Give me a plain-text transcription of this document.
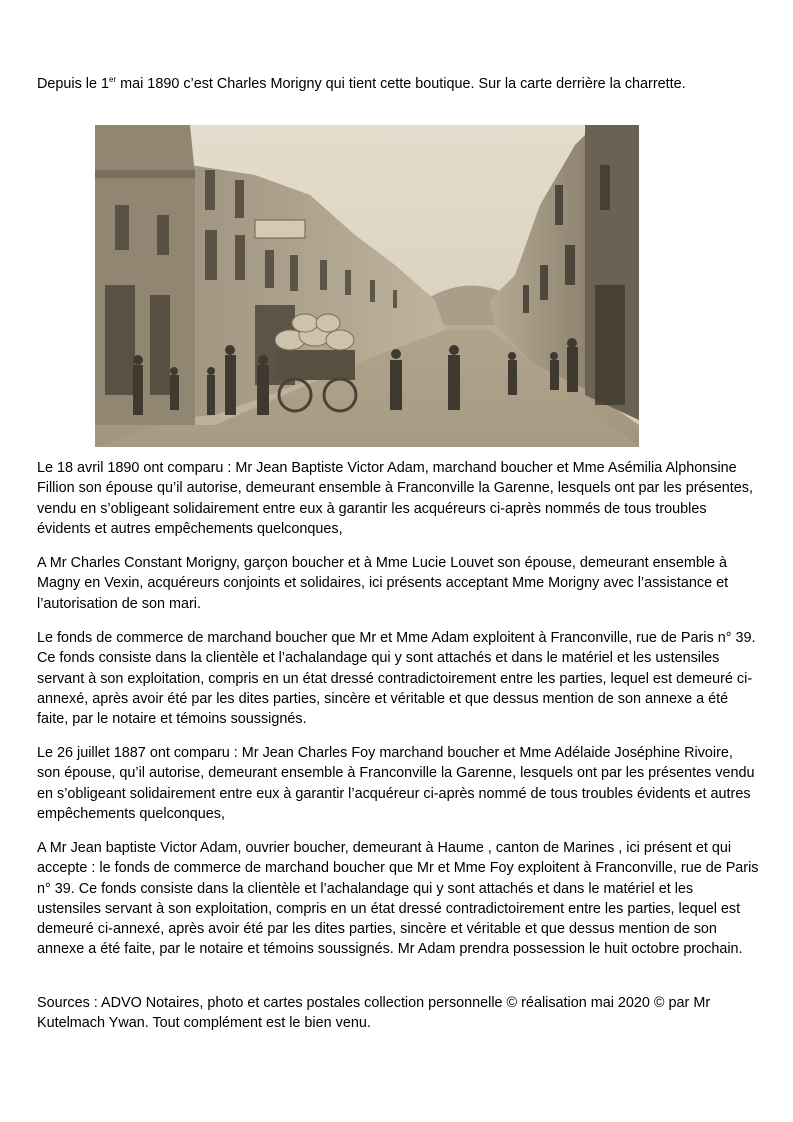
Depuis le 1er mai 1890 c’est Charles Morigny qui tient cette boutique. Sur la carte derrière la charrette.

Le 18 avril 1890 ont comparu : Mr Jean Baptiste Victor Adam, marchand boucher et Mme Asémilia Alphonsine Fillion son épouse qu’il autorise, demeurant ensemble à Franconville la Garenne, lesquels ont par les présentes, vendu en s’obligeant solidairement entre eux à garantir les acquéreurs ci-après nommés de tous troubles évidents et autres empêchements quelconques,

A Mr Charles Constant Morigny, garçon boucher et à Mme Lucie Louvet son épouse, demeurant ensemble à Magny en Vexin, acquéreurs conjoints et solidaires, ici présents acceptant Mme Morigny avec l’assistance et l’autorisation de son mari.

Le fonds de commerce de marchand boucher que Mr et Mme Adam exploitent à Franconville, rue de Paris n° 39. Ce fonds consiste dans la clientèle et l’achalandage qui y sont attachés et dans le matériel et les ustensiles servant à son exploitation, compris en un état dressé contradictoirement entre les parties, lequel est demeuré ci-annexé, après avoir été par les dites parties, sincère et véritable et que dessus mention de son annexe a été faite, par le notaire et témoins soussignés.

Le 26 juillet 1887 ont comparu : Mr Jean Charles Foy marchand boucher et Mme Adélaide Joséphine Rivoire, son épouse, qu’il autorise, demeurant ensemble à Franconville la Garenne, lesquels ont par les présentes vendu en s’obligeant solidairement entre eux à garantir l’acquéreur ci-après nommé de tous troubles évidents et autres empêchements quelconques,

A Mr Jean baptiste Victor Adam, ouvrier boucher, demeurant à Haume , canton de Marines , ici présent et qui accepte : le fonds de commerce de marchand boucher que Mr et Mme Foy exploitent à Franconville, rue de Paris n° 39. Ce fonds consiste dans la clientèle et l’achalandage qui y sont attachés et dans le matériel et les ustensiles servant à son exploitation, compris en un état dressé contradictoirement entre les parties, lequel est demeuré ci-annexé, après avoir été par les dites parties, sincère et véritable et que dessus mention de son annexe a été faite, par le notaire et témoins soussignés. Mr Adam prendra possession le huit octobre prochain.

Sources : ADVO Notaires, photo et cartes postales collection personnelle © réalisation mai 2020 © par Mr Kutelmach Ywan. Tout complément est le bien venu.
